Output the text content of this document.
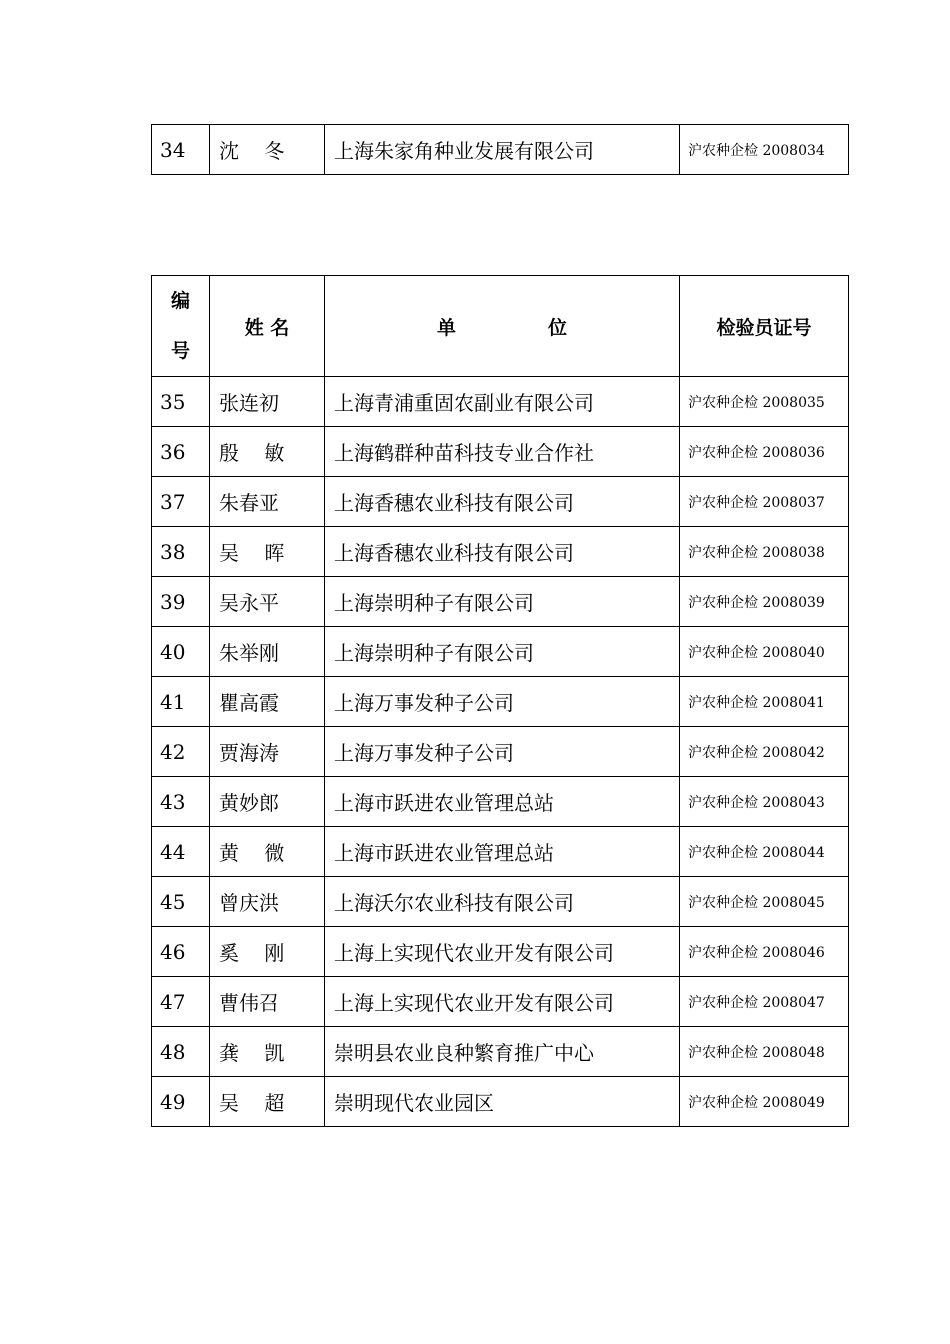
34	沈    冬	上海朱家角种业发展有限公司	沪农种企检 2008034
编
号	姓 名	单 位	检验员证号
35	张连初	上海青浦重固农副业有限公司	沪农种企检 2008035
36	殷    敏	上海鹤群种苗科技专业合作社	沪农种企检 2008036
37	朱春亚	上海香穗农业科技有限公司	沪农种企检 2008037
38	吴    晖	上海香穗农业科技有限公司	沪农种企检 2008038
39	吴永平	上海崇明种子有限公司	沪农种企检 2008039
40	朱举刚	上海崇明种子有限公司	沪农种企检 2008040
41	瞿高霞	上海万事发种子公司	沪农种企检 2008041
42	贾海涛	上海万事发种子公司	沪农种企检 2008042
43	黄妙郎	上海市跃进农业管理总站	沪农种企检 2008043
44	黄    微	上海市跃进农业管理总站	沪农种企检 2008044
45	曾庆洪	上海沃尔农业科技有限公司	沪农种企检 2008045
46	奚    刚	上海上实现代农业开发有限公司	沪农种企检 2008046
47	曹伟召	上海上实现代农业开发有限公司	沪农种企检 2008047
48	龚    凯	崇明县农业良种繁育推广中心	沪农种企检 2008048
49	吴    超	崇明现代农业园区	沪农种企检 2008049
